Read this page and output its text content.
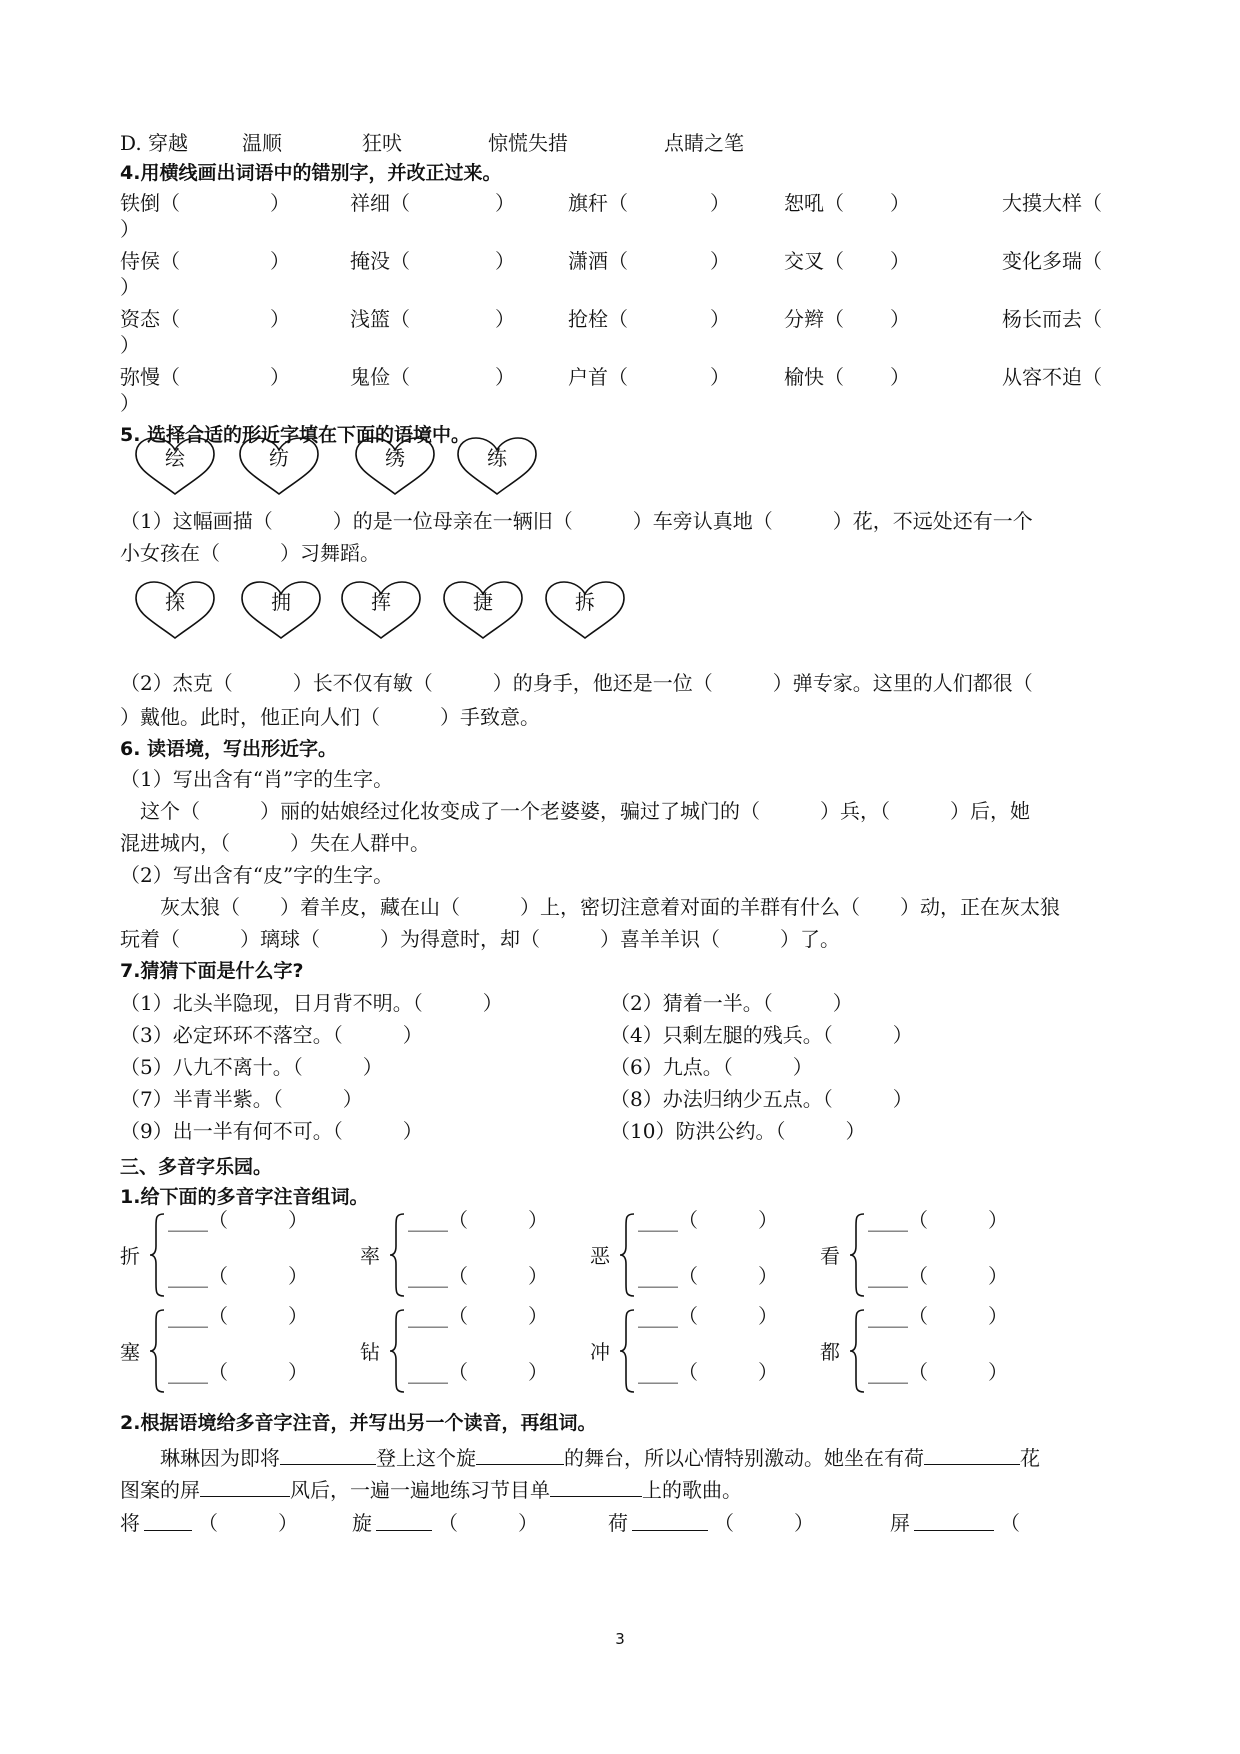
D. 穿越	温顺	狂吠	惊慌失措	点睛之笔
4.用横线画出词语中的错别字，并改正过来。
铁倒（	）	祥细（	）	旗秆（	）	恕吼（ ）	大摸大样（
）
侍侯（	）	掩没（	）	潇酒（	）	交叉（ ）	变化多瑞（
）
资态（	）	浅篮（	）	抢栓（	）	分辫（ ）	杨长而去（
）
弥慢（	）	鬼俭（	）	户首（	）	榆快（ ）	从容不迫（
）
5. 选择合适的形近字填在下面的语境中。
绘	纺	绣	练
（1）这幅画描（　　　）的是一位母亲在一辆旧（　　　）车旁认真地（　　　）花，不远处还有一个
小女孩在（　　　）习舞蹈。
探	拥	挥	捷	拆
（2）杰克（　　　）长不仅有敏（　　　）的身手，他还是一位（　　　）弹专家。这里的人们都很（
）戴他。此时，他正向人们（　　　）手致意。
6. 读语境，写出形近字。
（1）写出含有“肖”字的生字。
　这个（　　　）丽的姑娘经过化妆变成了一个老婆婆，骗过了城门的（　　　）兵，（　　　）后，她
混进城内，（　　　）失在人群中。
（2）写出含有“皮”字的生字。
　　灰太狼（　　）着羊皮，藏在山（　　　）上，密切注意着对面的羊群有什么（　　）动，正在灰太狼
玩着（　　　）璃球（　　　）为得意时，却（　　　）喜羊羊识（　　　）了。
7.猜猜下面是什么字?
（1）北头半隐现，日月背不明。（　　　）	（2）猜着一半。（　　　）
（3）必定环环不落空。（　　　）	（4）只剩左腿的残兵。（　　　）
（5）八九不离十。（　　　）	（6）九点。（　　　）
（7）半青半紫。（　　　）	（8）办法归纳少五点。（　　　）
（9）出一半有何不可。（　　　）	（10）防洪公约。（　　　）
三、多音字乐园。
1.给下面的多音字注音组词。
折
____（　　　）
____（　　　）
率
____（　　　）
____（　　　）
恶
____（　　　）
____（　　　）
看
____（　　　）
____（　　　）
塞
____（　　　）
____（　　　）
钻
____（　　　）
____（　　　）
冲
____（　　　）
____（　　　）
都
____（　　　）
____（　　　）
2.根据语境给多音字注音，并写出另一个读音，再组词。
　　琳琳因为即将	登上这个旋	的舞台，所以心情特别激动。她坐在有荷	花
图案的屏	风后，一遍一遍地练习节目单	上的歌曲。
将	（　　　）	旋	（　　　）	荷	（　　　）	屏	（
3
